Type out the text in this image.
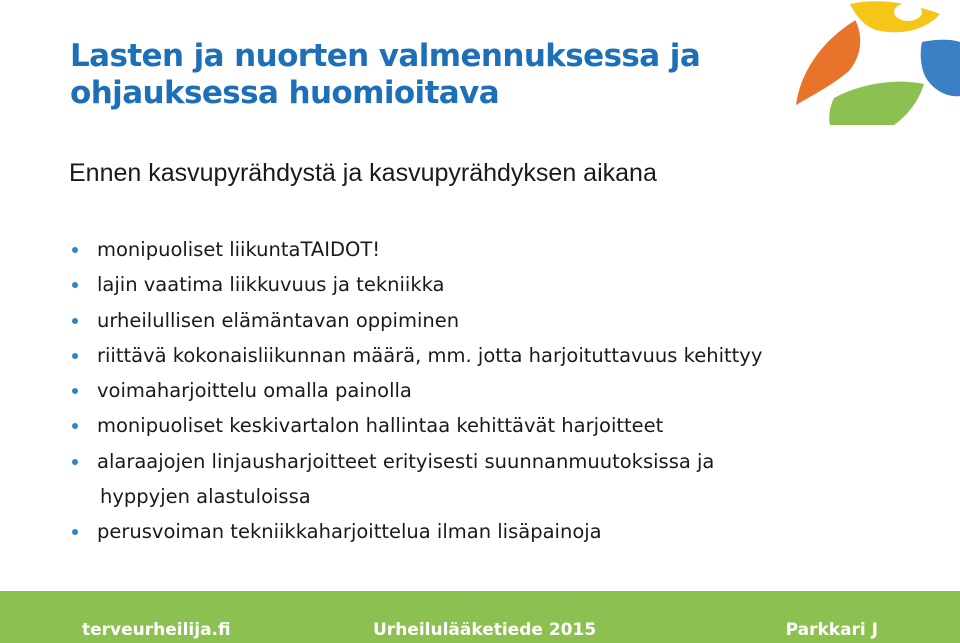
Lasten ja nuorten valmennuksessa ja
ohjauksessa huomioitava
Ennen kasvupyrähdystä ja kasvupyrähdyksen aikana
monipuoliset liikuntaTAIDOT!
lajin vaatima liikkuvuus ja tekniikka
urheilullisen elämäntavan oppiminen
riittävä kokonaisliikunnan määrä, mm. jotta harjoituttavuus kehittyy
voimaharjoittelu omalla painolla
monipuoliset keskivartalon hallintaa kehittävät harjoitteet
alaraajojen linjausharjoitteet erityisesti suunnanmuutoksissa ja
hyppyjen alastuloissa
perusvoiman tekniikkaharjoittelua ilman lisäpainoja
terveurheilija.fi	Urheilulääketiede 2015	Parkkari J
